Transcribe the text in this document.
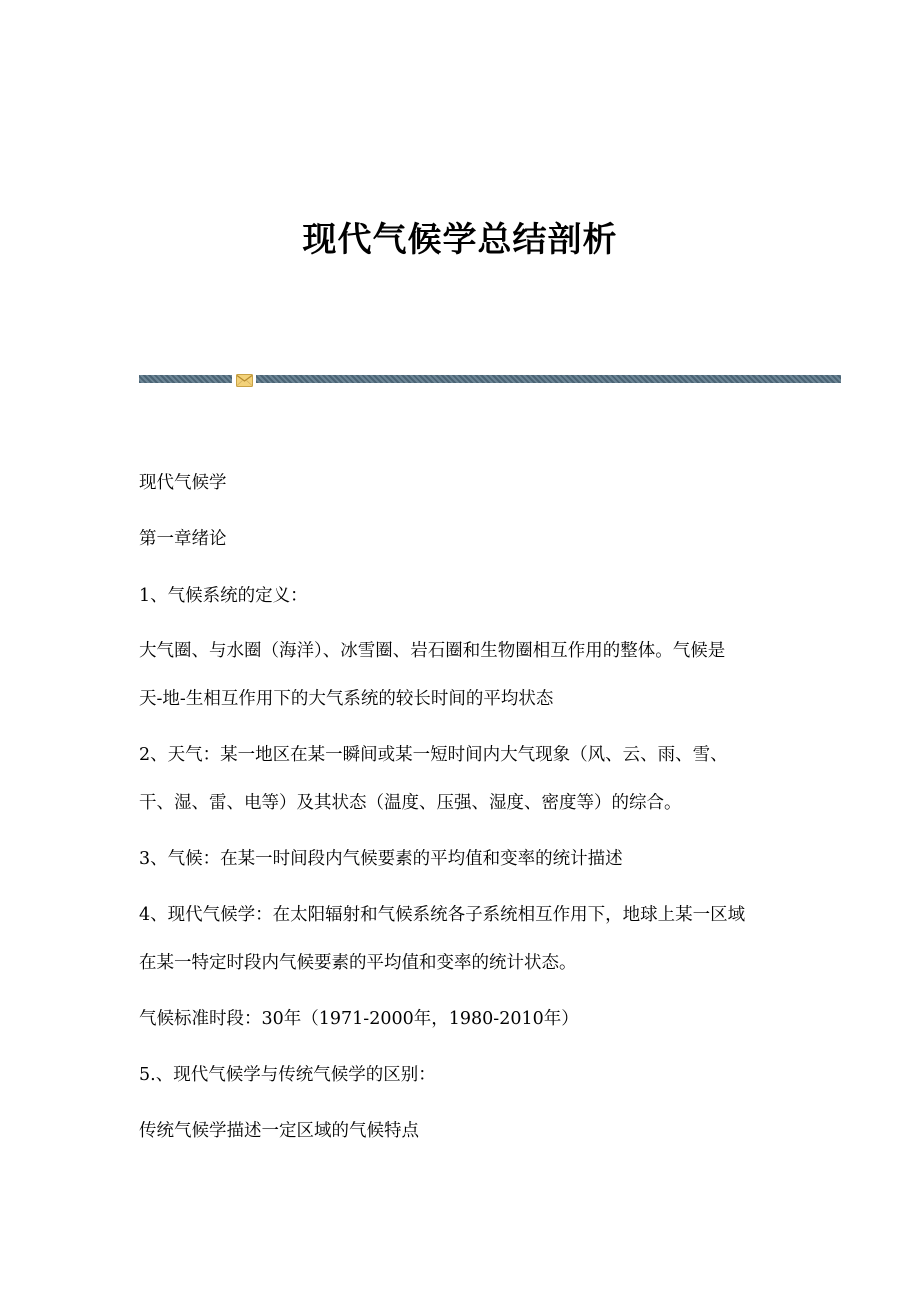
现代气候学总结剖析
现代气候学
第一章绪论
1、气候系统的定义：
大气圈、与水圈（海洋）、冰雪圈、岩石圈和生物圈相互作用的整体。气候是
天-地-生相互作用下的大气系统的较长时间的平均状态
2、天气：某一地区在某一瞬间或某一短时间内大气现象（风、云、雨、雪、
干、湿、雷、电等）及其状态（温度、压强、湿度、密度等）的综合。
3、气候：在某一时间段内气候要素的平均值和变率的统计描述
4、现代气候学：在太阳辐射和气候系统各子系统相互作用下，地球上某一区域
在某一特定时段内气候要素的平均值和变率的统计状态。
气候标准时段：30年（1971-2000年，1980-2010年）
5.、现代气候学与传统气候学的区别：
传统气候学描述一定区域的气候特点
